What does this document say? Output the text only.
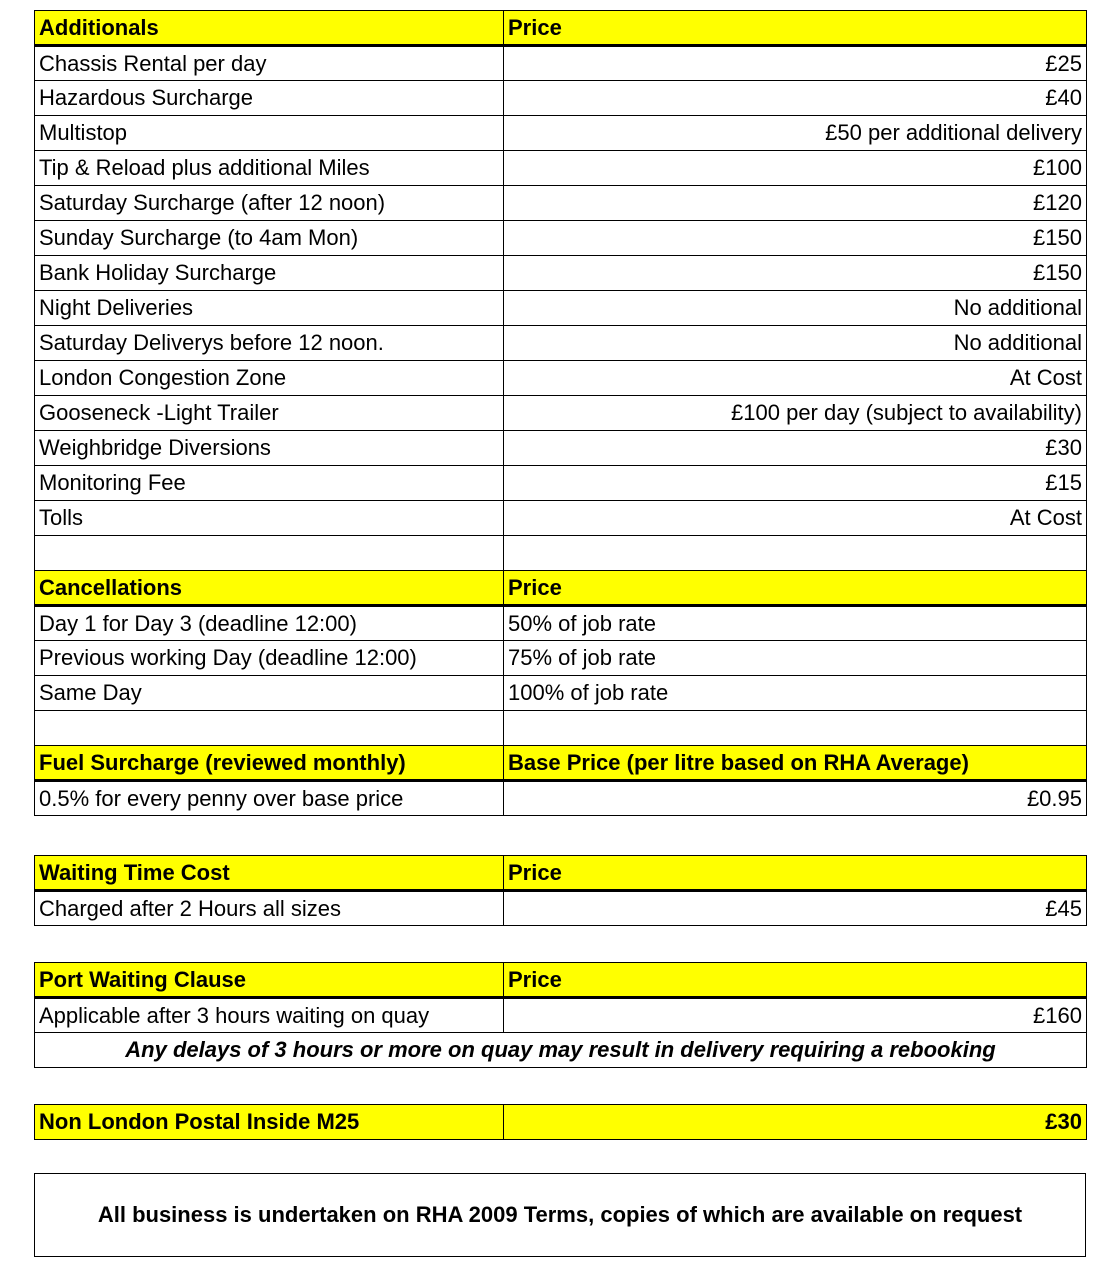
Additionals	Price
Chassis Rental per day	£25
Hazardous Surcharge	£40
Multistop	£50 per additional delivery
Tip & Reload plus additional Miles	£100
Saturday Surcharge (after 12 noon)	£120
Sunday Surcharge (to 4am Mon)	£150
Bank Holiday Surcharge	£150
Night Deliveries	No additional
Saturday Deliverys before 12 noon.	No additional
London Congestion Zone	At Cost
Gooseneck -Light Trailer	£100 per day (subject to availability)
Weighbridge Diversions	£30
Monitoring Fee	£15
Tolls	At Cost

Cancellations	Price
Day 1 for Day 3 (deadline 12:00)	50% of job rate
Previous working Day (deadline 12:00)	75% of job rate
Same Day	100% of job rate

Fuel Surcharge (reviewed monthly)	Base Price (per litre based on RHA Average)
0.5% for every penny over base price	£0.95
Waiting Time Cost	Price
Charged after 2 Hours all sizes	£45
Port Waiting Clause	Price
Applicable after 3 hours waiting on quay	£160
Any delays of 3 hours or more on quay may result in delivery requiring a rebooking	
Non London Postal Inside M25	£30
All business is undertaken on RHA 2009 Terms, copies of which are available on request
